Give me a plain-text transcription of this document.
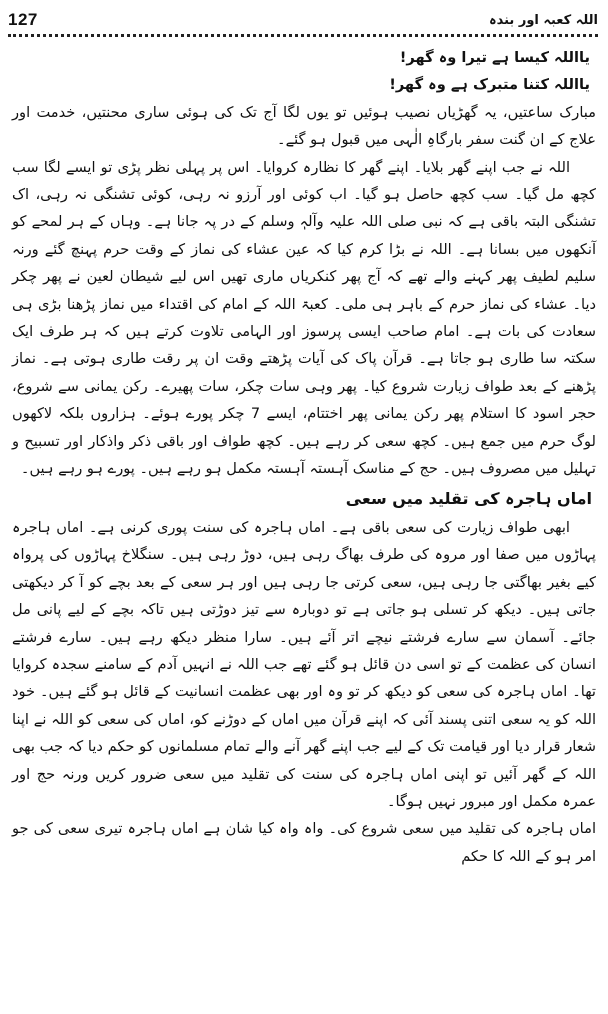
127	اللہ کعبہ اور بندہ

یااللہ کیسا ہے تیرا وہ گھر!

یااللہ کتنا متبرک ہے وہ گھر!

مبارک ساعتیں، یہ گھڑیاں نصیب ہوئیں تو یوں لگا آج تک کی ہوئی ساری محنتیں، خدمت اور علاج کے ان گنت سفر بارگاہِ الٰہی میں قبول ہو گئے۔

اللہ نے جب اپنے گھر بلایا۔ اپنے گھر کا نظارہ کروایا۔ اس پر پہلی نظر پڑی تو ایسے لگا سب کچھ مل گیا۔ سب کچھ حاصل ہو گیا۔ اب کوئی اور آرزو نہ رہی، کوئی تشنگی نہ رہی، اک تشنگی البتہ باقی ہے کہ نبی صلی اللہ علیہ وآلہٖ وسلم کے در پہ جانا ہے۔ وہاں کے ہر لمحے کو آنکھوں میں بسانا ہے۔ اللہ نے بڑا کرم کیا کہ عین عشاء کی نماز کے وقت حرم پہنچ گئے ورنہ سلیم لطیف پھر کہنے والے تھے کہ آج پھر کنکریاں ماری تھیں اس لیے شیطان لعین نے پھر چکر دیا۔ عشاء کی نماز حرم کے باہر ہی ملی۔ کعبۃ اللہ کے امام کی اقتداء میں نماز پڑھنا بڑی ہی سعادت کی بات ہے۔ امام صاحب ایسی پرسوز اور الہامی تلاوت کرتے ہیں کہ ہر طرف ایک سکتہ سا طاری ہو جاتا ہے۔ قرآن پاک کی آیات پڑھتے وقت ان پر رقت طاری ہوتی ہے۔ نماز پڑھنے کے بعد طواف زیارت شروع کیا۔ پھر وہی سات چکر، سات پھیرے۔ رکن یمانی سے شروع، حجر اسود کا استلام پھر رکن یمانی پھر اختتام، ایسے 7 چکر پورے ہوئے۔ ہزاروں بلکہ لاکھوں لوگ حرم میں جمع ہیں۔ کچھ سعی کر رہے ہیں۔ کچھ طواف اور باقی ذکر واذکار اور تسبیح و تہلیل میں مصروف ہیں۔ حج کے مناسک آہستہ آہستہ مکمل ہو رہے ہیں۔ پورے ہو رہے ہیں۔

اماں ہاجرہ کی تقلید میں سعی

ابھی طواف زیارت کی سعی باقی ہے۔ اماں ہاجرہ کی سنت پوری کرنی ہے۔ اماں ہاجرہ پہاڑوں میں صفا اور مروہ کی طرف بھاگ رہی ہیں، دوڑ رہی ہیں۔ سنگلاخ پہاڑوں کی پرواہ کیے بغیر بھاگتی جا رہی ہیں، سعی کرتی جا رہی ہیں اور ہر سعی کے بعد بچے کو آ کر دیکھتی جاتی ہیں۔ دیکھ کر تسلی ہو جاتی ہے تو دوبارہ سے تیز دوڑتی ہیں تاکہ بچے کے لیے پانی مل جائے۔ آسمان سے سارے فرشتے نیچے اتر آئے ہیں۔ سارا منظر دیکھ رہے ہیں۔ سارے فرشتے انسان کی عظمت کے تو اسی دن قائل ہو گئے تھے جب اللہ نے انہیں آدم کے سامنے سجدہ کروایا تھا۔ اماں ہاجرہ کی سعی کو دیکھ کر تو وہ اور بھی عظمت انسانیت کے قائل ہو گئے ہیں۔ خود اللہ کو یہ سعی اتنی پسند آئی کہ اپنے قرآن میں اماں کے دوڑنے کو، اماں کی سعی کو اللہ نے اپنا شعار قرار دیا اور قیامت تک کے لیے جب اپنے گھر آنے والے تمام مسلمانوں کو حکم دیا کہ جب بھی اللہ کے گھر آئیں تو اپنی اماں ہاجرہ کی سنت کی تقلید میں سعی ضرور کریں ورنہ حج اور عمرہ مکمل اور مبرور نہیں ہوگا۔

اماں ہاجرہ کی تقلید میں سعی شروع کی۔ واہ واہ کیا شان ہے اماں ہاجرہ تیری سعی کی جو امر ہو کے اللہ کا حکم
